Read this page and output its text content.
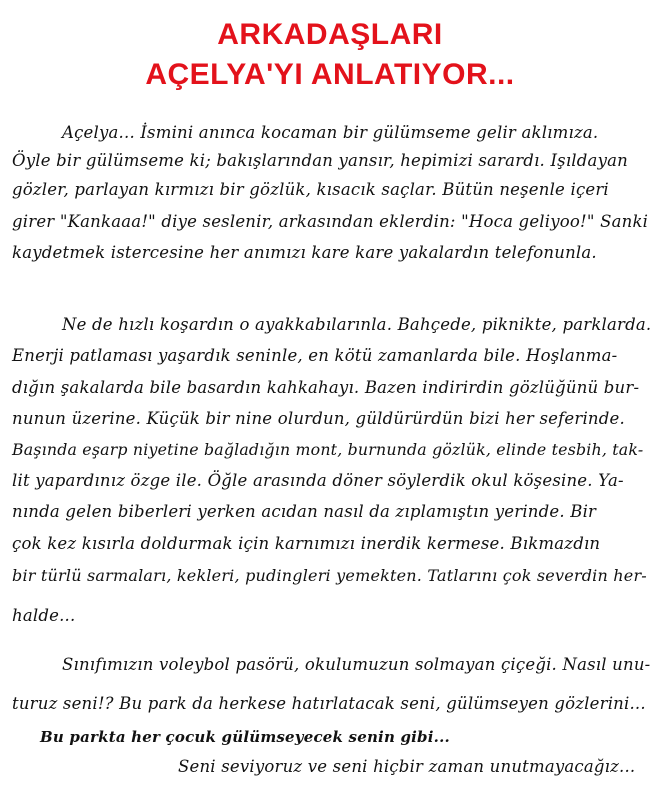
ARKADAŞLARI
AÇELYA'YI ANLATIYOR...
Açelya... İsmini anınca kocaman bir gülümseme gelir aklımıza.
Öyle bir gülümseme ki; bakışlarından yansır, hepimizi sarardı. Işıldayan
gözler, parlayan kırmızı bir gözlük, kısacık saçlar. Bütün neşenle içeri
girer "Kankaaa!" diye seslenir, arkasından eklerdin: "Hoca geliyoo!" Sanki
kaydetmek istercesine her anımızı kare kare yakalardın telefonunla.
Ne de hızlı koşardın o ayakkabılarınla. Bahçede, piknikte, parklarda.
Enerji patlaması yaşardık seninle, en kötü zamanlarda bile. Hoşlanma-
dığın şakalarda bile basardın kahkahayı. Bazen indirirdin gözlüğünü bur-
nunun üzerine. Küçük bir nine olurdun, güldürürdün bizi her seferinde.
Başında eşarp niyetine bağladığın mont, burnunda gözlük, elinde tesbih, tak-
lit yapardınız özge ile. Öğle arasında döner söylerdik okul köşesine. Ya-
nında gelen biberleri yerken acıdan nasıl da zıplamıştın yerinde. Bir
çok kez kısırla doldurmak için karnımızı inerdik kermese. Bıkmazdın
bir türlü sarmaları, kekleri, pudingleri yemekten. Tatlarını çok severdin her-
halde...
Sınıfımızın voleybol pasörü, okulumuzun solmayan çiçeği. Nasıl unu-
turuz seni!? Bu park da herkese hatırlatacak seni, gülümseyen gözlerini...
Bu parkta her çocuk gülümseyecek senin gibi...
Seni seviyoruz ve seni hiçbir zaman unutmayacağız...
